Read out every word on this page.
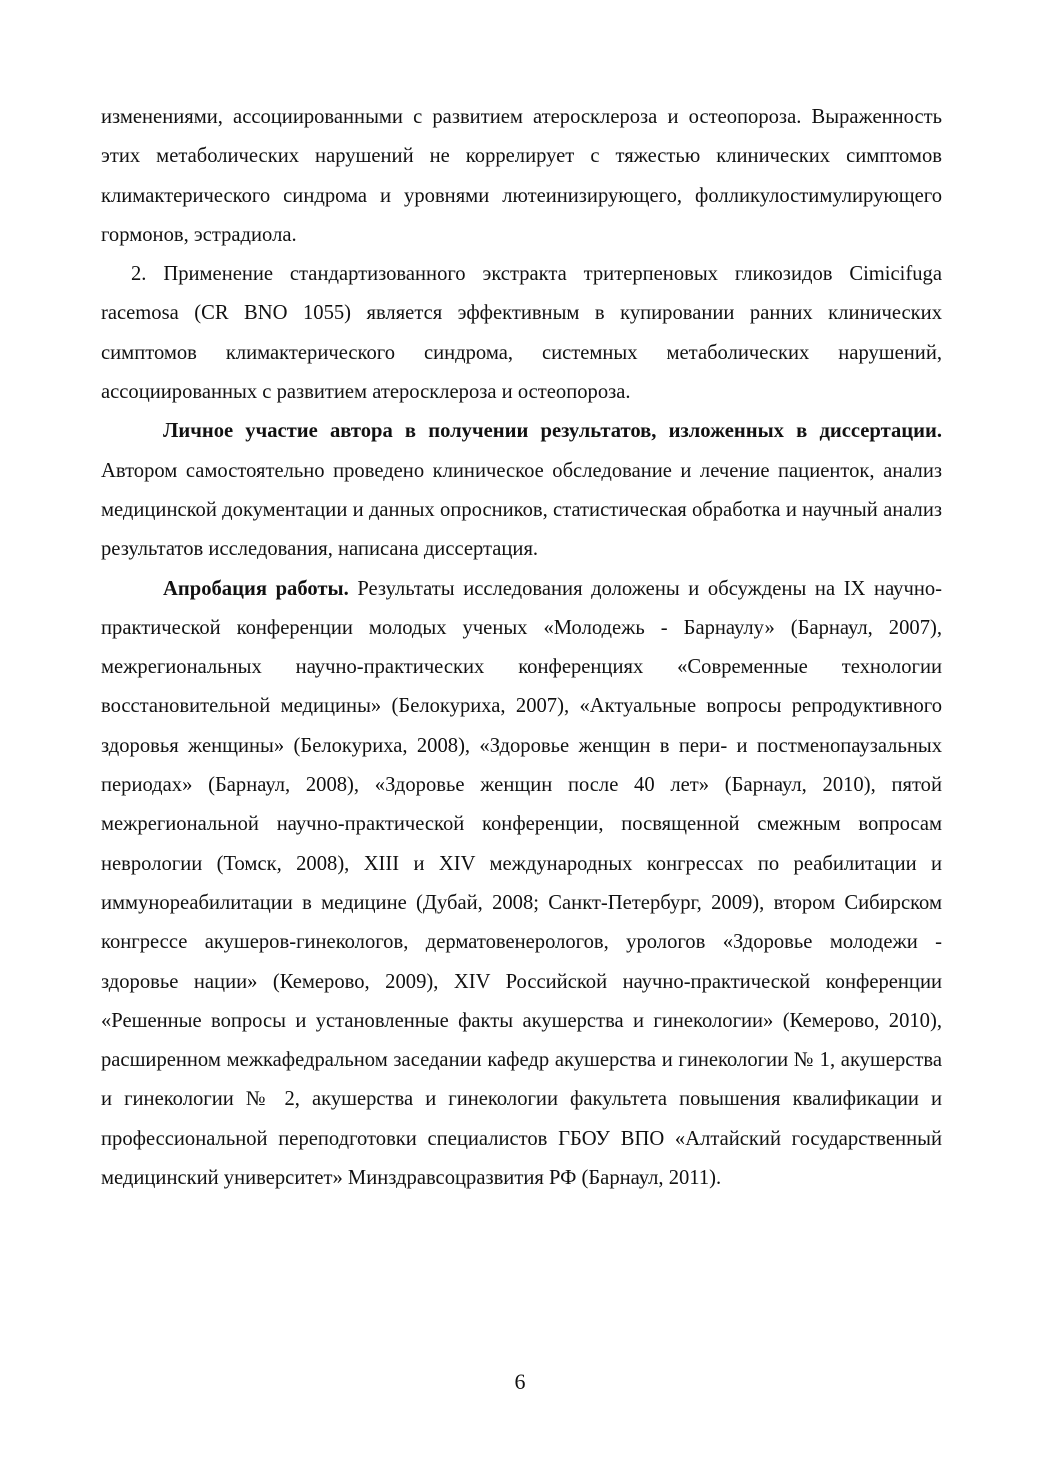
изменениями, ассоциированными с развитием атеросклероза и остеопороза. Выраженность этих метаболических нарушений не коррелирует с тяжестью клинических симптомов климактерического синдрома и уровнями лютеинизирующего, фолликулостимулирующего гормонов, эстрадиола.

2. Применение стандартизованного экстракта тритерпеновых гликозидов Cimicifuga racemosa (CR BNO 1055) является эффективным в купировании ранних клинических симптомов климактерического синдрома, системных метаболических нарушений, ассоциированных с развитием атеросклероза и остеопороза.

Личное участие автора в получении результатов, изложенных в диссертации. Автором самостоятельно проведено клиническое обследование и лечение пациенток, анализ медицинской документации и данных опросников, статистическая обработка и научный анализ результатов исследования, написана диссертация.

Апробация работы. Результаты исследования доложены и обсуждены на IX научно-практической конференции молодых ученых «Молодежь - Барнаулу» (Барнаул, 2007), межрегиональных научно-практических конференциях «Современные технологии восстановительной медицины» (Белокуриха, 2007), «Актуальные вопросы репродуктивного здоровья женщины» (Белокуриха, 2008), «Здоровье женщин в пери- и постменопаузальных периодах» (Барнаул, 2008), «Здоровье женщин после 40 лет» (Барнаул, 2010), пятой межрегиональной научно-практической конференции, посвященной смежным вопросам неврологии (Томск, 2008), XIII и XIV международных конгрессах по реабилитации и иммунореабилитации в медицине (Дубай, 2008; Санкт-Петербург, 2009), втором Сибирском конгрессе акушеров-гинекологов, дерматовенерологов, урологов «Здоровье молодежи - здоровье нации» (Кемерово, 2009), XIV Российской научно-практической конференции «Решенные вопросы и установленные факты акушерства и гинекологии» (Кемерово, 2010), расширенном межкафедральном заседании кафедр акушерства и гинекологии № 1, акушерства и гинекологии № 2, акушерства и гинекологии факультета повышения квалификации и профессиональной переподготовки специалистов ГБОУ ВПО «Алтайский государственный медицинский университет» Минздравсоцразвития РФ (Барнаул, 2011).

6
